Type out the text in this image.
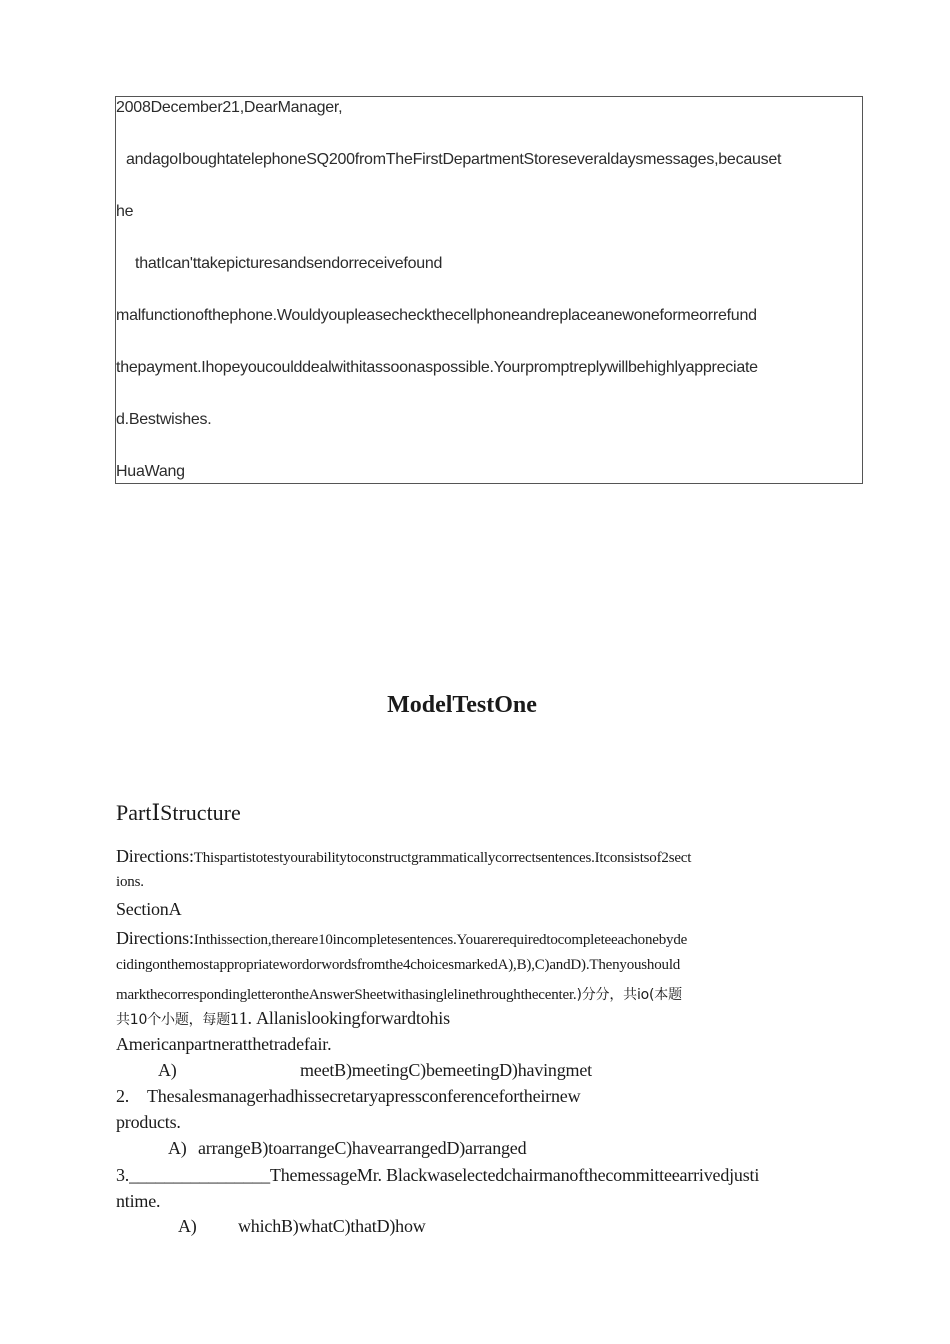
2008December21,DearManager,
andagoIboughtatelephoneSQ200fromTheFirstDepartmentStoreseveraldaysmessages,becauset
he
thatIcan'ttakepicturesandsendorreceivefound
malfunctionofthephone.Wouldyoupleasecheckthecellphoneandreplaceanewoneformeorrefund
thepayment.Ihopeyoucoulddealwithitassoonaspossible.Yourpromptreplywillbehighlyappreciate
d.Bestwishes.
HuaWang
ModelTestOne
PartⅠStructure
Directions:Thispartistotestyourabilitytoconstructgrammaticallycorrectsentences.Itconsistsof2sect
ions.
SectionA
Directions:Inthissection,thereare10incompletesentences.Youarerequiredtocompleteeachonebyde
cidingonthemostappropriatewordorwordsfromthe4choicesmarkedA),B),C)andD).Thenyoushould
markthecorrespondingletterontheAnswerSheetwithasinglelinethroughthecenter.)分分，共io(本题
共10个小题，每题11. Allanislookingforwardtohis
Americanpartneratthetradefair.
A)	meetB)meetingC)bemeetingD)havingmet
2. Thesalesmanagerhadhissecretaryapressconferencefortheirnew
products.
A) arrangeB)toarrangeC)havearrangedD)arranged
3.________________ThemessageMr. Blackwaselectedchairmanofthecommitteearrivedjusti
ntime.
A) whichB)whatC)thatD)how
